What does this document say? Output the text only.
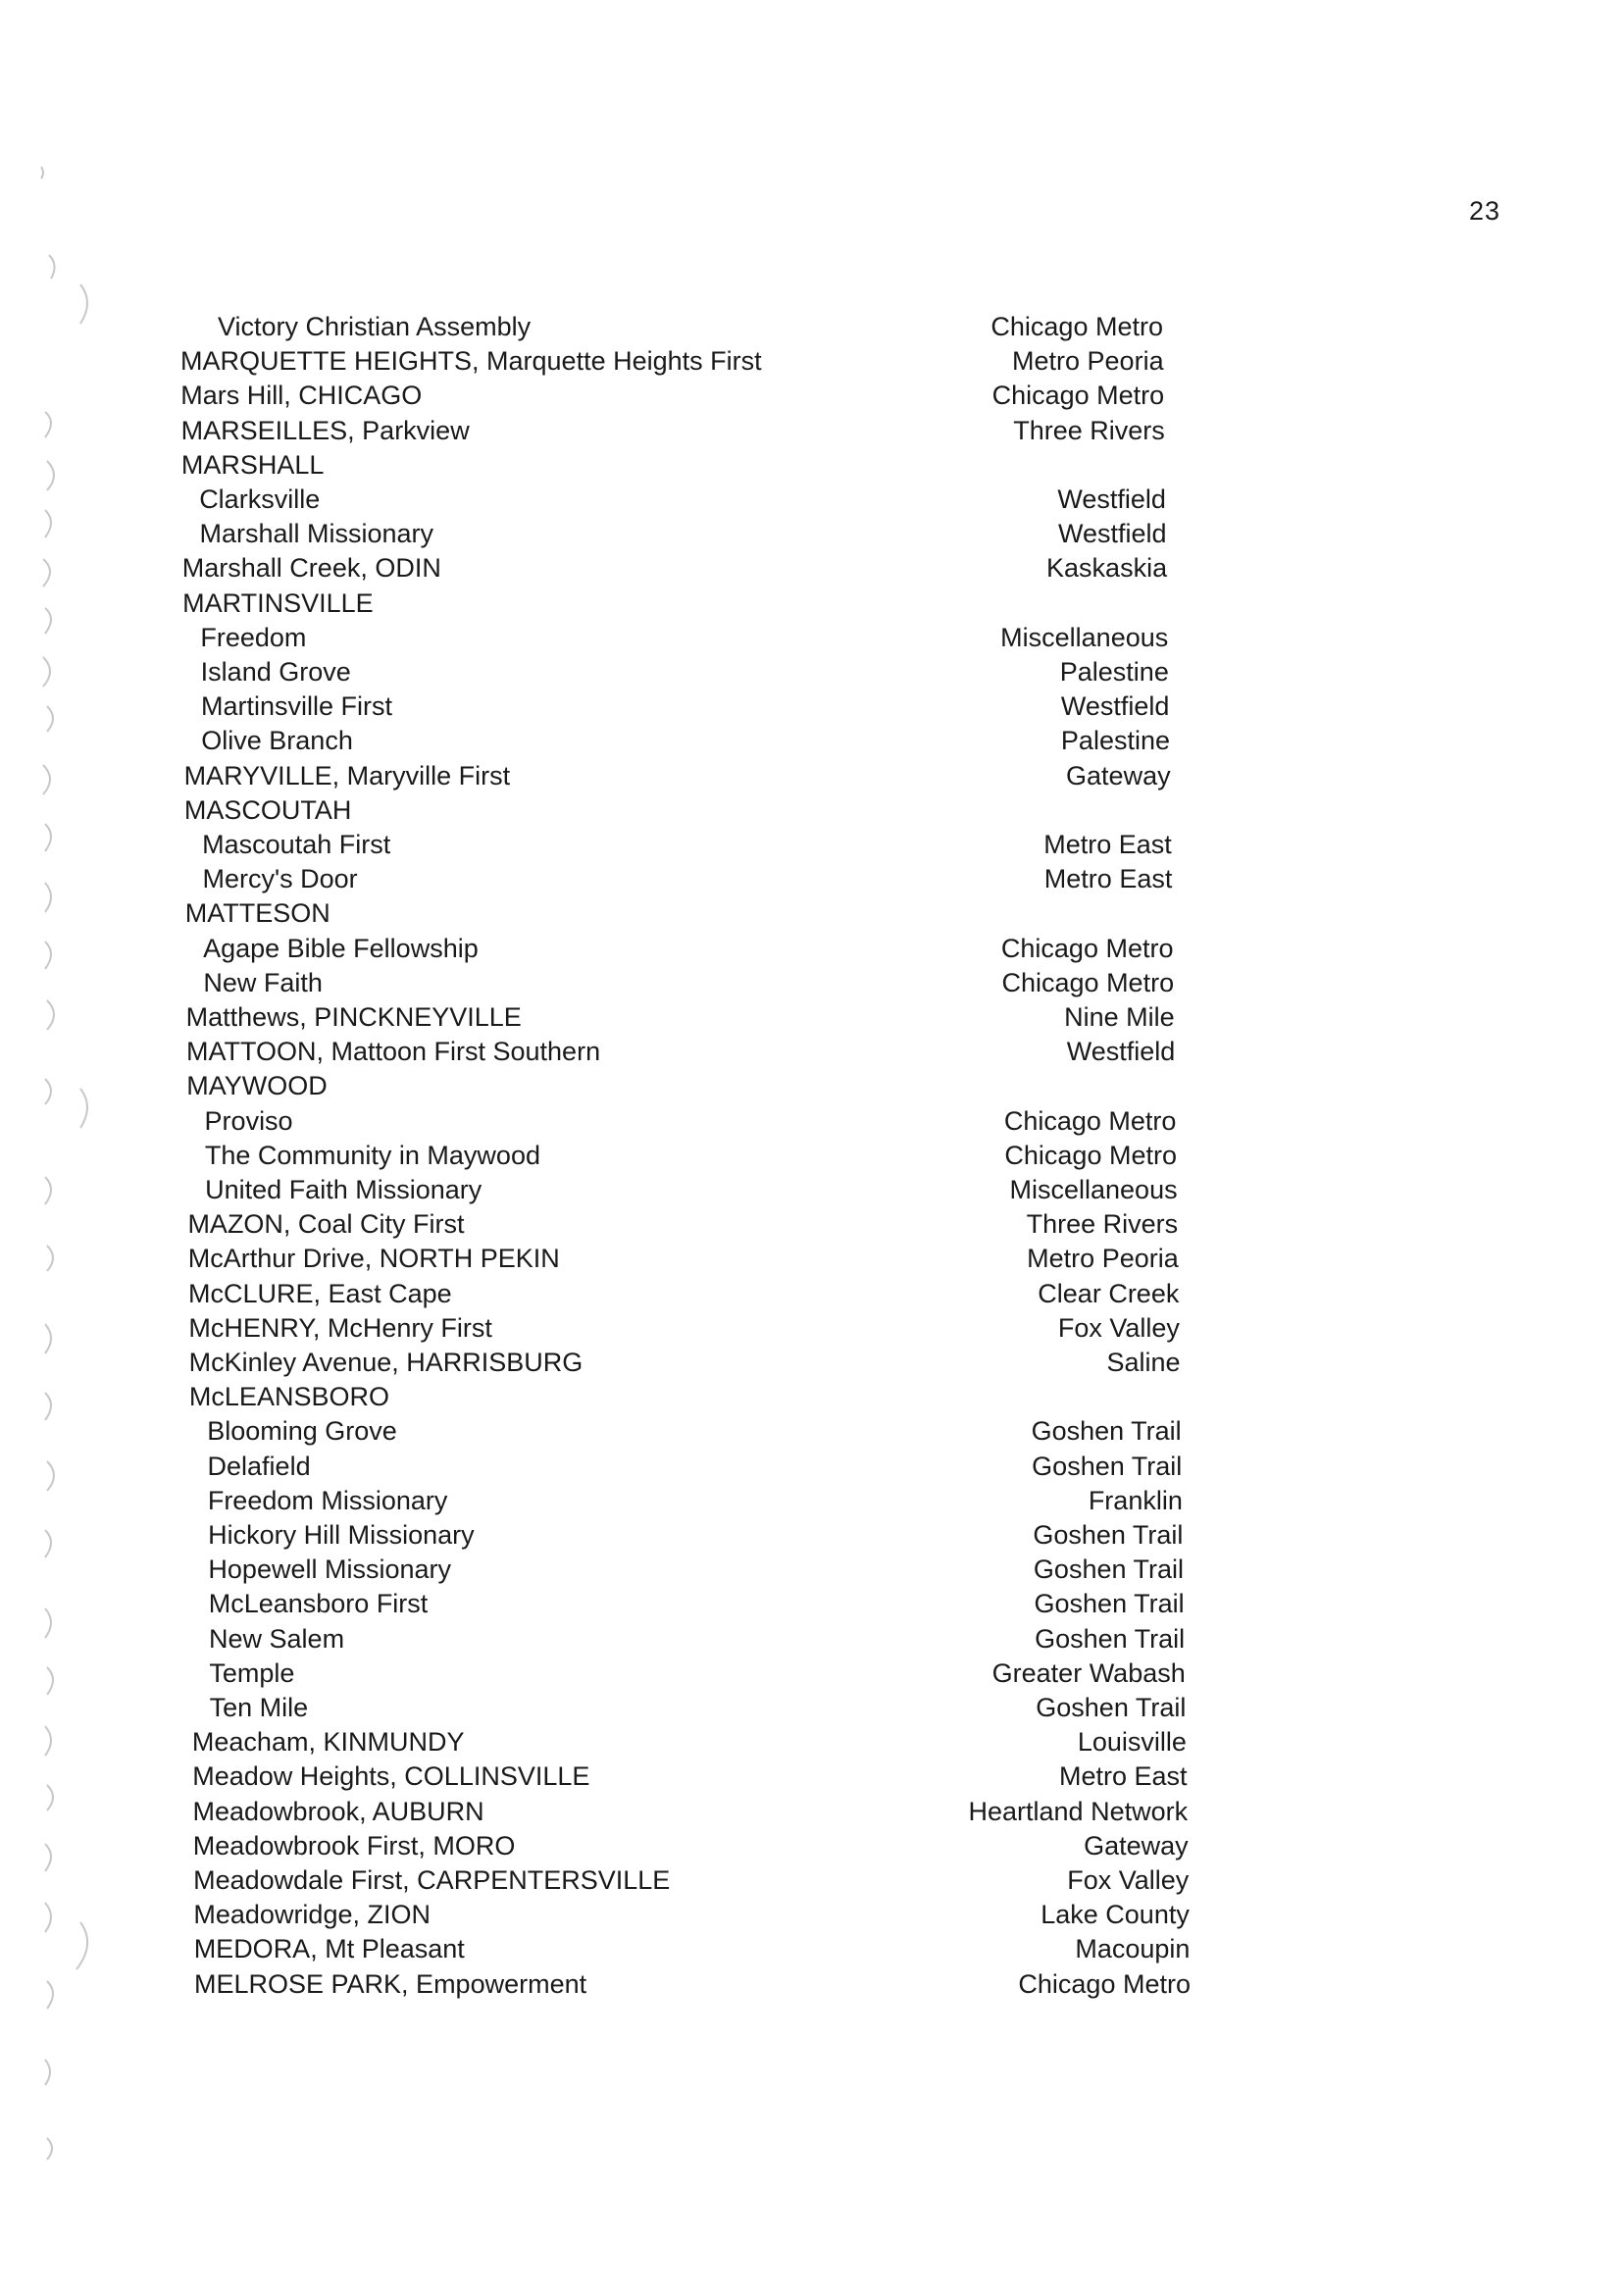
23
Victory Christian Assembly	Chicago Metro
MARQUETTE HEIGHTS, Marquette Heights First	Metro Peoria
Mars Hill, CHICAGO	Chicago Metro
MARSEILLES, Parkview	Three Rivers
MARSHALL
Clarksville	Westfield
Marshall Missionary	Westfield
Marshall Creek, ODIN	Kaskaskia
MARTINSVILLE
Freedom	Miscellaneous
Island Grove	Palestine
Martinsville First	Westfield
Olive Branch	Palestine
MARYVILLE, Maryville First	Gateway
MASCOUTAH
Mascoutah First	Metro East
Mercy's Door	Metro East
MATTESON
Agape Bible Fellowship	Chicago Metro
New Faith	Chicago Metro
Matthews, PINCKNEYVILLE	Nine Mile
MATTOON, Mattoon First Southern	Westfield
MAYWOOD
Proviso	Chicago Metro
The Community in Maywood	Chicago Metro
United Faith Missionary	Miscellaneous
MAZON, Coal City First	Three Rivers
McArthur Drive, NORTH PEKIN	Metro Peoria
McCLURE, East Cape	Clear Creek
McHENRY, McHenry First	Fox Valley
McKinley Avenue, HARRISBURG	Saline
McLEANSBORO
Blooming Grove	Goshen Trail
Delafield	Goshen Trail
Freedom Missionary	Franklin
Hickory Hill Missionary	Goshen Trail
Hopewell Missionary	Goshen Trail
McLeansboro First	Goshen Trail
New Salem	Goshen Trail
Temple	Greater Wabash
Ten Mile	Goshen Trail
Meacham, KINMUNDY	Louisville
Meadow Heights, COLLINSVILLE	Metro East
Meadowbrook, AUBURN	Heartland Network
Meadowbrook First, MORO	Gateway
Meadowdale First, CARPENTERSVILLE	Fox Valley
Meadowridge, ZION	Lake County
MEDORA, Mt Pleasant	Macoupin
MELROSE PARK, Empowerment	Chicago Metro
